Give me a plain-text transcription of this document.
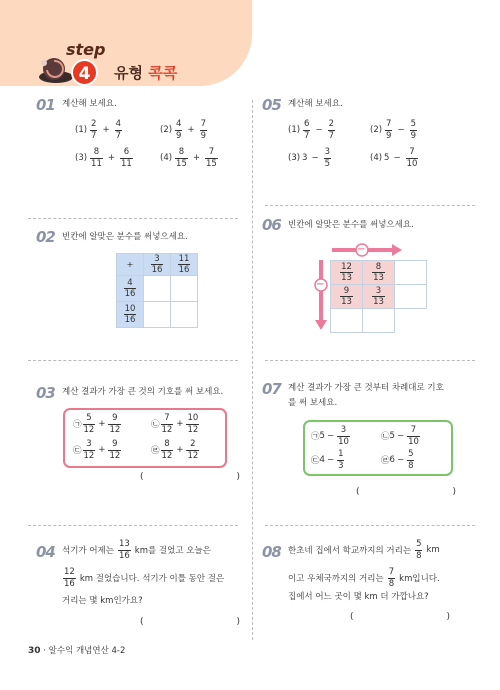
step
4	유형 콕콕
01 계산해 보세요.
$(1) \frac{2}{7} + \frac{4}{7}$	$(2) \frac{4}{9} + \frac{7}{9}$
$(3) \frac{8}{11} + \frac{6}{11}$	$(4) \frac{8}{15} + \frac{7}{15}$
05 계산해 보세요.
$(1) \frac{6}{7} - \frac{2}{7}$	$(2) \frac{7}{9} - \frac{5}{9}$
(3) $3 - \frac{3}{5}$	(4) $5 - \frac{7}{10}$
02 빈칸에 알맞은 분수를 써넣으세요.
+	$\frac{3}{16}$	$\frac{11}{16}$

$\frac{4}{16}$

$\frac{10}{16}$

06 빈칸에 알맞은 분수를 써넣으세요.
−
−
$\frac{12}{13}$	$\frac{8}{13}$

$\frac{9}{13}$	$\frac{3}{13}$

03 계산 결과가 가장 큰 것의 기호를 써 보세요.
㉠ $\frac{5}{12} + \frac{9}{12}$	㉡ $\frac{7}{12} + \frac{10}{12}$
㉢ $\frac{3}{12} + \frac{9}{12}$	㉣ $\frac{8}{12} + \frac{2}{12}$
(	)
07 계산 결과가 가장 큰 것부터 차례대로 기호
를 써 보세요.
㉠ $5 - \frac{3}{10}$	㉡ $5 - \frac{7}{10}$
㉢ $4 - \frac{1}{3}$	㉣ $6 - \frac{5}{8}$
(	)
04 석기가 어제는 $\frac{13}{16}$ km를 걸었고 오늘은
$\frac{12}{16}$ km 걸었습니다. 석기가 이틀 동안 걸은
거리는 몇 km인가요?
(	)
08 한초네 집에서 학교까지의 거리는 $\frac{5}{8}$ km
이고 우체국까지의 거리는 $\frac{7}{8}$ km입니다.
집에서 어느 곳이 몇 km 더 가깝나요?
(	)
30 · 알수익 개념연산 4-2
